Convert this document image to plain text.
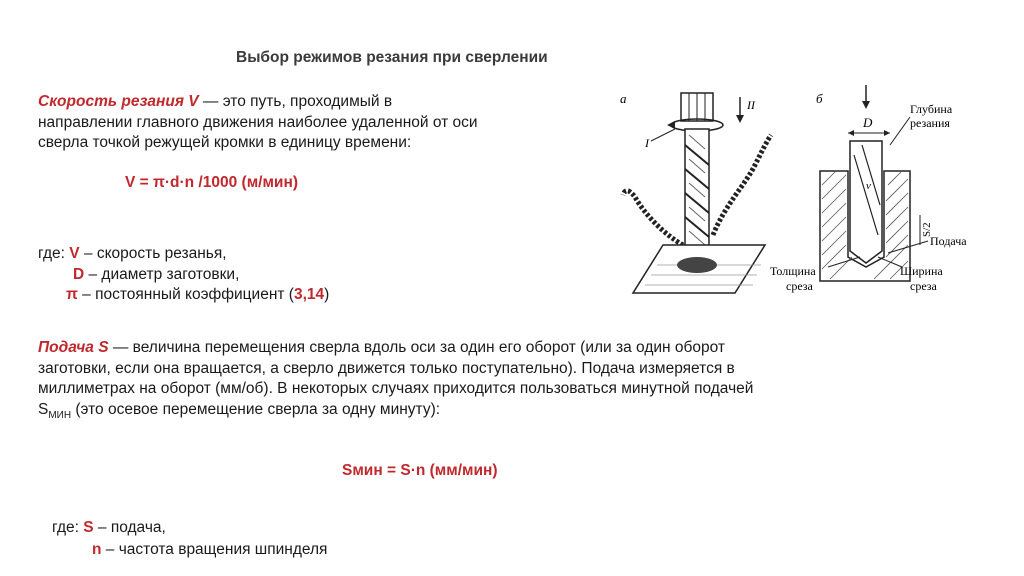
Выбор режимов резания при сверлении
Скорость резания V — это путь, проходимый в
направлении главного движения наиболее удаленной от оси
сверла точкой режущей кромки в единицу времени:
V = π·d·n /1000 (м/мин)
где: V – скорость резанья,
D – диаметр заготовки,
π – постоянный коэффициент (3,14)
Подача S — величина перемещения сверла вдоль оси за один его оборот (или за один оборот
заготовки, если она вращается, а сверло движется только поступательно). Подача измеряется в
миллиметрах на оборот (мм/об). В некоторых случаях приходится пользоваться минутной подачей
$S_{МИН}$ (это осевое перемещение сверла за одну минуту):
Sмин = S·n (мм/мин)
где: S – подача,
n – частота вращения шпинделя
а
I
II	б
D
Глубина
резания
v
S/2
Подача
Толщина
среза
Ширина
среза
